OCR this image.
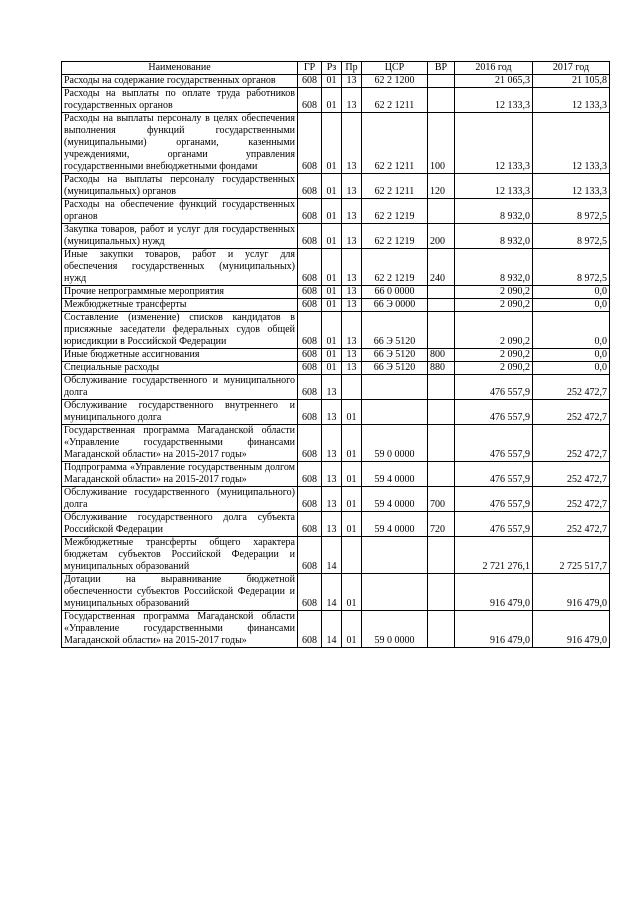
Наименование	ГР	Рз	Пр	ЦСР	ВР	2016 год	2017 год
Расходы на содержание государственных органов	608	01	13	62 2 1200		21 065,3	21 105,8
Расходы на выплаты по оплате труда работников государственных органов	608	01	13	62 2 1211		12 133,3	12 133,3
Расходы на выплаты персоналу в целях обеспечения выполнения функций государственными (муниципальными) органами, казенными учреждениями, органами управления государственными внебюджетными фондами	608	01	13	62 2 1211	100	12 133,3	12 133,3
Расходы на выплаты персоналу государственных (муниципальных) органов	608	01	13	62 2 1211	120	12 133,3	12 133,3
Расходы на обеспечение функций государственных органов	608	01	13	62 2 1219		8 932,0	8 972,5
Закупка товаров, работ и услуг для государственных (муниципальных) нужд	608	01	13	62 2 1219	200	8 932,0	8 972,5
Иные закупки товаров, работ и услуг для обеспечения государственных (муниципальных) нужд	608	01	13	62 2 1219	240	8 932,0	8 972,5
Прочие непрограммные мероприятия	608	01	13	66 0 0000		2 090,2	0,0
Межбюджетные трансферты	608	01	13	66 Э 0000		2 090,2	0,0
Составление (изменение) списков кандидатов в присяжные заседатели федеральных судов общей юрисдикции в Российской Федерации	608	01	13	66 Э 5120		2 090,2	0,0
Иные бюджетные ассигнования	608	01	13	66 Э 5120	800	2 090,2	0,0
Специальные расходы	608	01	13	66 Э 5120	880	2 090,2	0,0
Обслуживание государственного и муниципального долга	608	13				476 557,9	252 472,7
Обслуживание государственного внутреннего и муниципального долга	608	13	01			476 557,9	252 472,7
Государственная программа Магаданской области «Управление государственными финансами Магаданской области» на 2015-2017 годы»	608	13	01	59 0 0000		476 557,9	252 472,7
Подпрограмма «Управление государственным долгом Магаданской области» на 2015-2017 годы»	608	13	01	59 4 0000		476 557,9	252 472,7
Обслуживание государственного (муниципального) долга	608	13	01	59 4 0000	700	476 557,9	252 472,7
Обслуживание государственного долга субъекта Российской Федерации	608	13	01	59 4 0000	720	476 557,9	252 472,7
Межбюджетные трансферты общего характера бюджетам субъектов Российской Федерации и муниципальных образований	608	14				2 721 276,1	2 725 517,7
Дотации на выравнивание бюджетной обеспеченности субъектов Российской Федерации и муниципальных образований	608	14	01			916 479,0	916 479,0
Государственная программа Магаданской области «Управление государственными финансами Магаданской области» на 2015-2017 годы»	608	14	01	59 0 0000		916 479,0	916 479,0
